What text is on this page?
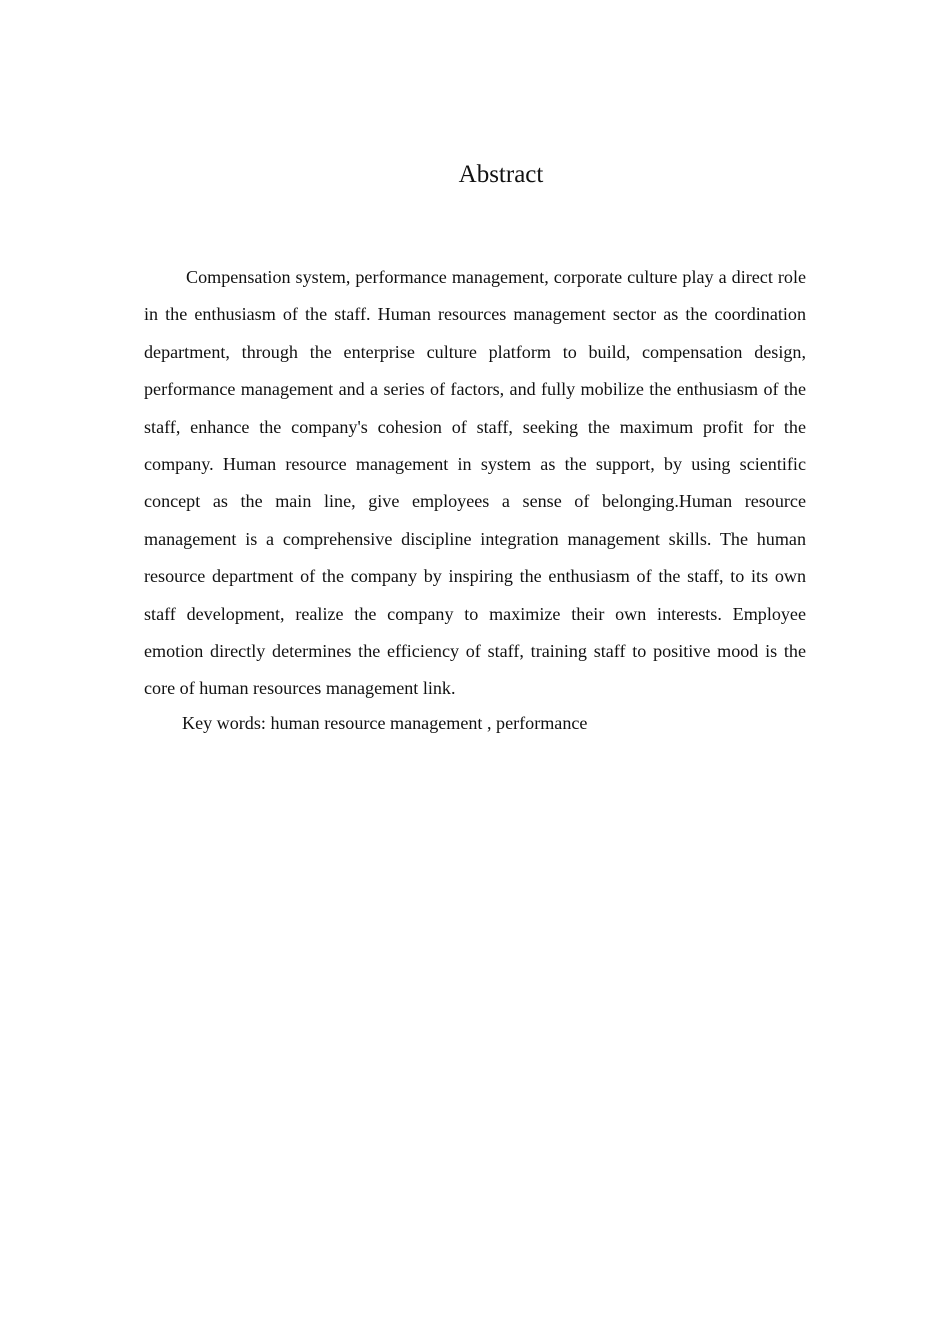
Abstract

Compensation system, performance management, corporate culture play a direct role in the enthusiasm of the staff. Human resources management sector as the coordination department, through the enterprise culture platform to build, compensation design, performance management and a series of factors, and fully mobilize the enthusiasm of the staff, enhance the company's cohesion of staff, seeking the maximum profit for the company. Human resource management in system as the support, by using scientific concept as the main line, give employees a sense of belonging.Human resource management is a comprehensive discipline integration management skills. The human resource department of the company by inspiring the enthusiasm of the staff, to its own staff development, realize the company to maximize their own interests. Employee emotion directly determines the efficiency of staff, training staff to positive mood is the core of human resources management link.

Key words: human resource management , performance
